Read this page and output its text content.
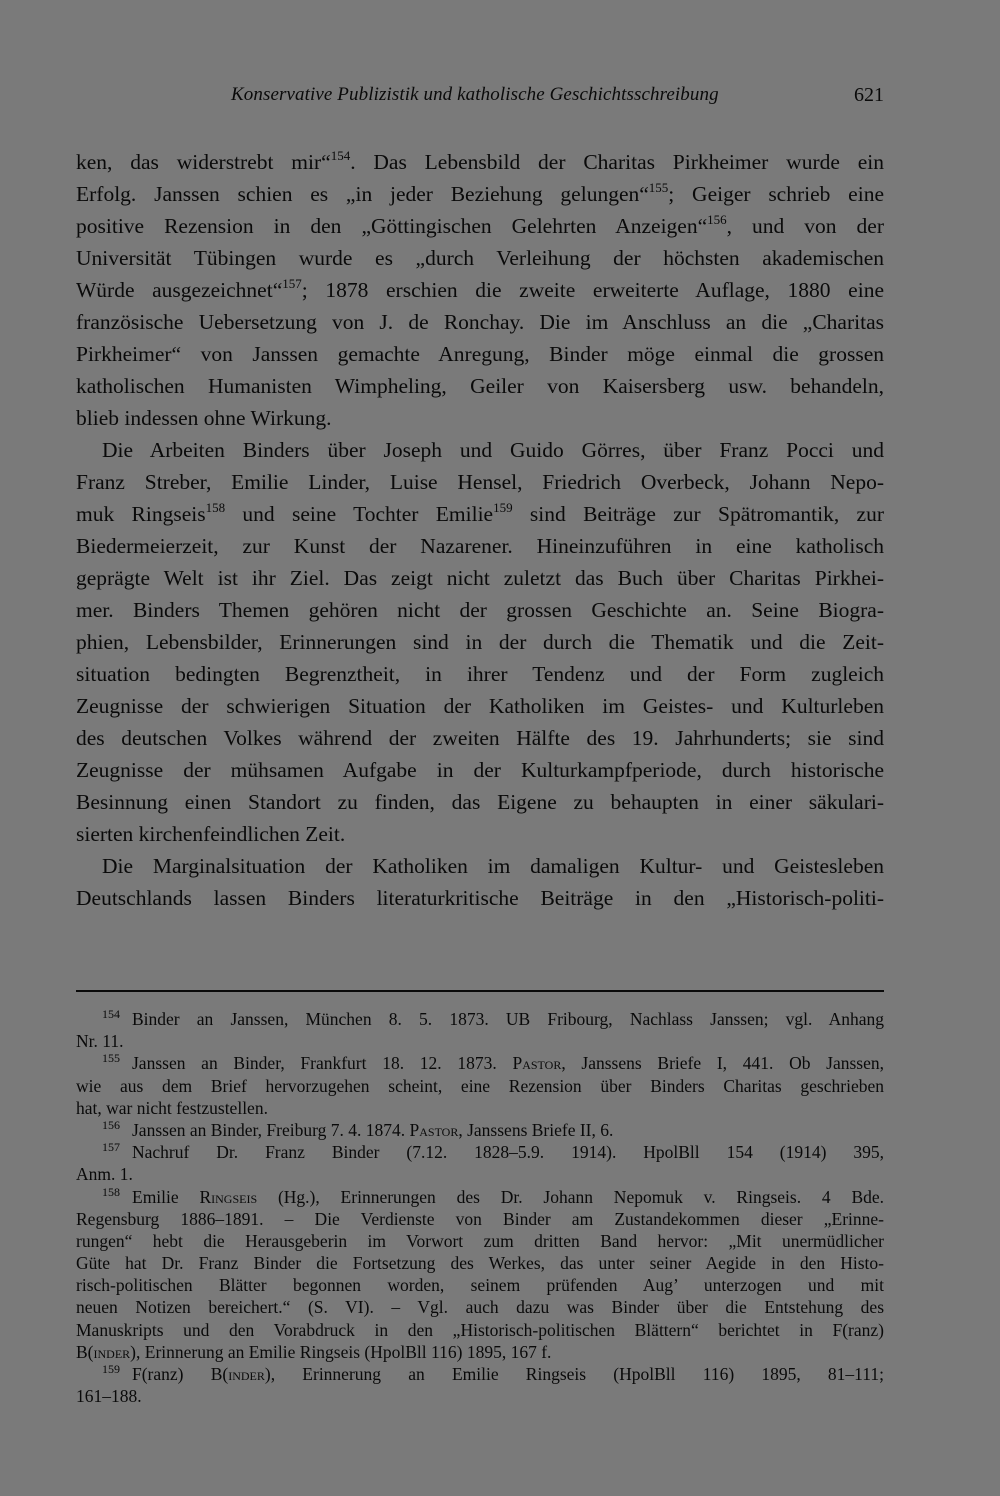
Konservative Publizistik und katholische Geschichtsschreibung	621
ken, das widerstrebt mir“$^{154}$. Das Lebensbild der Charitas Pirkheimer wurde ein
Erfolg. Janssen schien es „in jeder Beziehung gelungen“$^{155}$; Geiger schrieb eine
positive Rezension in den „Göttingischen Gelehrten Anzeigen“$^{156}$, und von der
Universität Tübingen wurde es „durch Verleihung der höchsten akademischen
Würde ausgezeichnet“$^{157}$; 1878 erschien die zweite erweiterte Auflage, 1880 eine
französische Uebersetzung von J. de Ronchay. Die im Anschluss an die „Charitas
Pirkheimer“ von Janssen gemachte Anregung, Binder möge einmal die grossen
katholischen Humanisten Wimpheling, Geiler von Kaisersberg usw. behandeln,
blieb indessen ohne Wirkung.
Die Arbeiten Binders über Joseph und Guido Görres, über Franz Pocci und
Franz Streber, Emilie Linder, Luise Hensel, Friedrich Overbeck, Johann Nepo-
muk Ringseis$^{158}$ und seine Tochter Emilie$^{159}$ sind Beiträge zur Spätromantik, zur
Biedermeierzeit, zur Kunst der Nazarener. Hineinzuführen in eine katholisch
geprägte Welt ist ihr Ziel. Das zeigt nicht zuletzt das Buch über Charitas Pirkhei-
mer. Binders Themen gehören nicht der grossen Geschichte an. Seine Biogra-
phien, Lebensbilder, Erinnerungen sind in der durch die Thematik und die Zeit-
situation bedingten Begrenztheit, in ihrer Tendenz und der Form zugleich
Zeugnisse der schwierigen Situation der Katholiken im Geistes- und Kulturleben
des deutschen Volkes während der zweiten Hälfte des 19. Jahrhunderts; sie sind
Zeugnisse der mühsamen Aufgabe in der Kulturkampfperiode, durch historische
Besinnung einen Standort zu finden, das Eigene zu behaupten in einer säkulari-
sierten kirchenfeindlichen Zeit.
Die Marginalsituation der Katholiken im damaligen Kultur- und Geistesleben
Deutschlands lassen Binders literaturkritische Beiträge in den „Historisch-politi-
$^{154}$ Binder an Janssen, München 8. 5. 1873. UB Fribourg, Nachlass Janssen; vgl. Anhang
Nr. 11.
$^{155}$ Janssen an Binder, Frankfurt 18. 12. 1873. Pastor, Janssens Briefe I, 441. Ob Janssen,
wie aus dem Brief hervorzugehen scheint, eine Rezension über Binders Charitas geschrieben
hat, war nicht festzustellen.
$^{156}$ Janssen an Binder, Freiburg 7. 4. 1874. Pastor, Janssens Briefe II, 6.
$^{157}$ Nachruf Dr. Franz Binder (7.12. 1828–5.9. 1914). HpolBll 154 (1914) 395,
Anm. 1.
$^{158}$ Emilie Ringseis (Hg.), Erinnerungen des Dr. Johann Nepomuk v. Ringseis. 4 Bde.
Regensburg 1886–1891. – Die Verdienste von Binder am Zustandekommen dieser „Erinne-
rungen“ hebt die Herausgeberin im Vorwort zum dritten Band hervor: „Mit unermüdlicher
Güte hat Dr. Franz Binder die Fortsetzung des Werkes, das unter seiner Aegide in den Histo-
risch-politischen Blätter begonnen worden, seinem prüfenden Aug’ unterzogen und mit
neuen Notizen bereichert.“ (S. VI). – Vgl. auch dazu was Binder über die Entstehung des
Manuskripts und den Vorabdruck in den „Historisch-politischen Blättern“ berichtet in F(ranz)
B(inder), Erinnerung an Emilie Ringseis (HpolBll 116) 1895, 167 f.
$^{159}$ F(ranz) B(inder), Erinnerung an Emilie Ringseis (HpolBll 116) 1895, 81–111;
161–188.
